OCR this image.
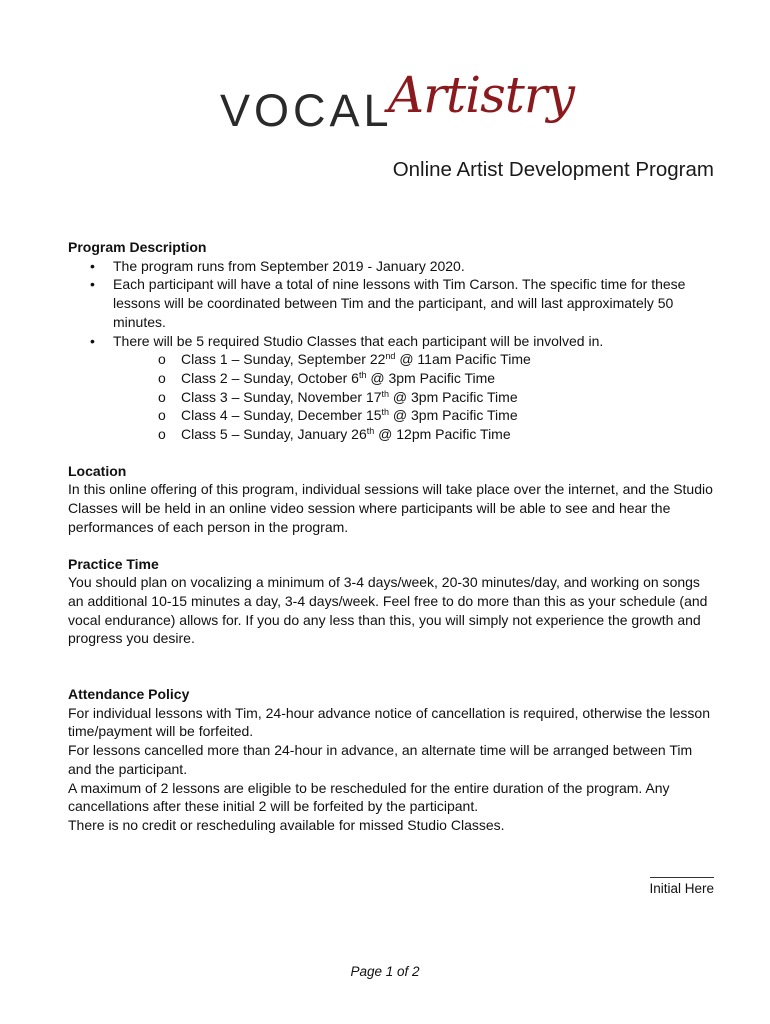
VOCAL
Artistry
Online Artist Development Program
Program Description
• The program runs from September 2019 - January 2020.
• Each participant will have a total of nine lessons with Tim Carson. The specific time for these lessons will be coordinated between Tim and the participant, and will last approximately 50 minutes.
• There will be 5 required Studio Classes that each participant will be involved in.
o Class 1 – Sunday, September 22nd @ 11am Pacific Time
o Class 2 – Sunday, October 6th @ 3pm Pacific Time
o Class 3 – Sunday, November 17th @ 3pm Pacific Time
o Class 4 – Sunday, December 15th @ 3pm Pacific Time
o Class 5 – Sunday, January 26th @ 12pm Pacific Time
Location

In this online offering of this program, individual sessions will take place over the internet, and the Studio Classes will be held in an online video session where participants will be able to see and hear the performances of each person in the program.

Practice Time

You should plan on vocalizing a minimum of 3-4 days/week, 20-30 minutes/day, and working on songs an additional 10-15 minutes a day, 3-4 days/week. Feel free to do more than this as your schedule (and vocal endurance) allows for. If you do any less than this, you will simply not experience the growth and progress you desire.

Attendance Policy

For individual lessons with Tim, 24-hour advance notice of cancellation is required, otherwise the lesson time/payment will be forfeited.

For lessons cancelled more than 24-hour in advance, an alternate time will be arranged between Tim and the participant.

A maximum of 2 lessons are eligible to be rescheduled for the entire duration of the program. Any cancellations after these initial 2 will be forfeited by the participant.

There is no credit or rescheduling available for missed Studio Classes.

Initial Here
Page 1 of 2
